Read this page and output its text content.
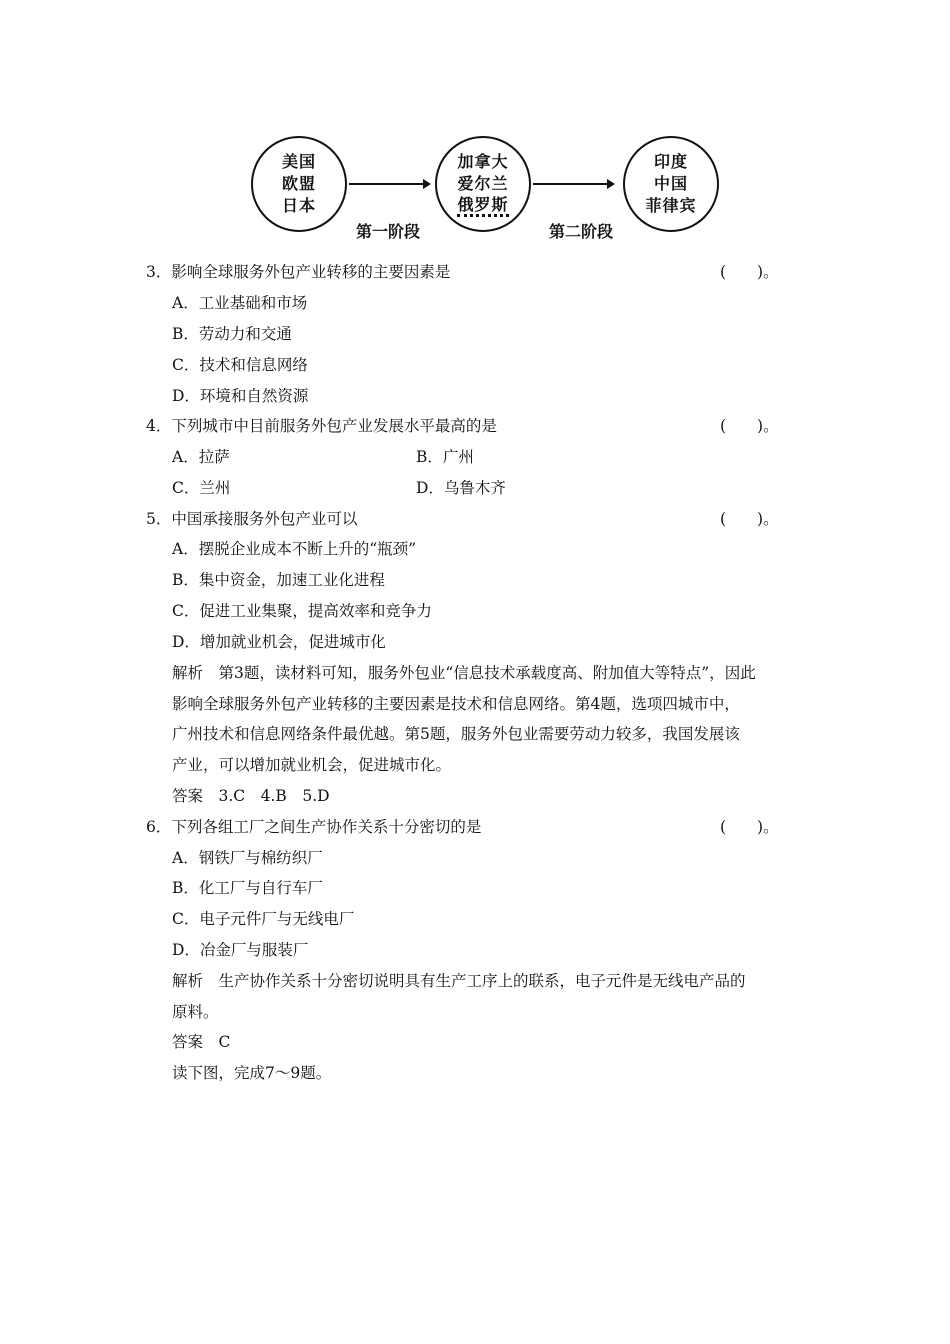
美国
欧盟
日本
加拿大
爱尔兰
俄罗斯
印度
中国
菲律宾
第一阶段	第二阶段
3．影响全球服务外包产业转移的主要因素是	(　　)。
A．工业基础和市场
B．劳动力和交通
C．技术和信息网络
D．环境和自然资源
4．下列城市中目前服务外包产业发展水平最高的是	(　　)。
A．拉萨	B．广州
C．兰州	D．乌鲁木齐
5．中国承接服务外包产业可以	(　　)。
A．摆脱企业成本不断上升的“瓶颈”
B．集中资金，加速工业化进程
C．促进工业集聚，提高效率和竞争力
D．增加就业机会，促进城市化
解析　第3题，读材料可知，服务外包业“信息技术承载度高、附加值大等特点”，因此
影响全球服务外包产业转移的主要因素是技术和信息网络。第4题，选项四城市中，
广州技术和信息网络条件最优越。第5题，服务外包业需要劳动力较多，我国发展该
产业，可以增加就业机会，促进城市化。
答案　3.C　4.B　5.D
6．下列各组工厂之间生产协作关系十分密切的是	(　　)。
A．钢铁厂与棉纺织厂
B．化工厂与自行车厂
C．电子元件厂与无线电厂
D．冶金厂与服装厂
解析　生产协作关系十分密切说明具有生产工序上的联系，电子元件是无线电产品的
原料。
答案　C
读下图，完成7～9题。
